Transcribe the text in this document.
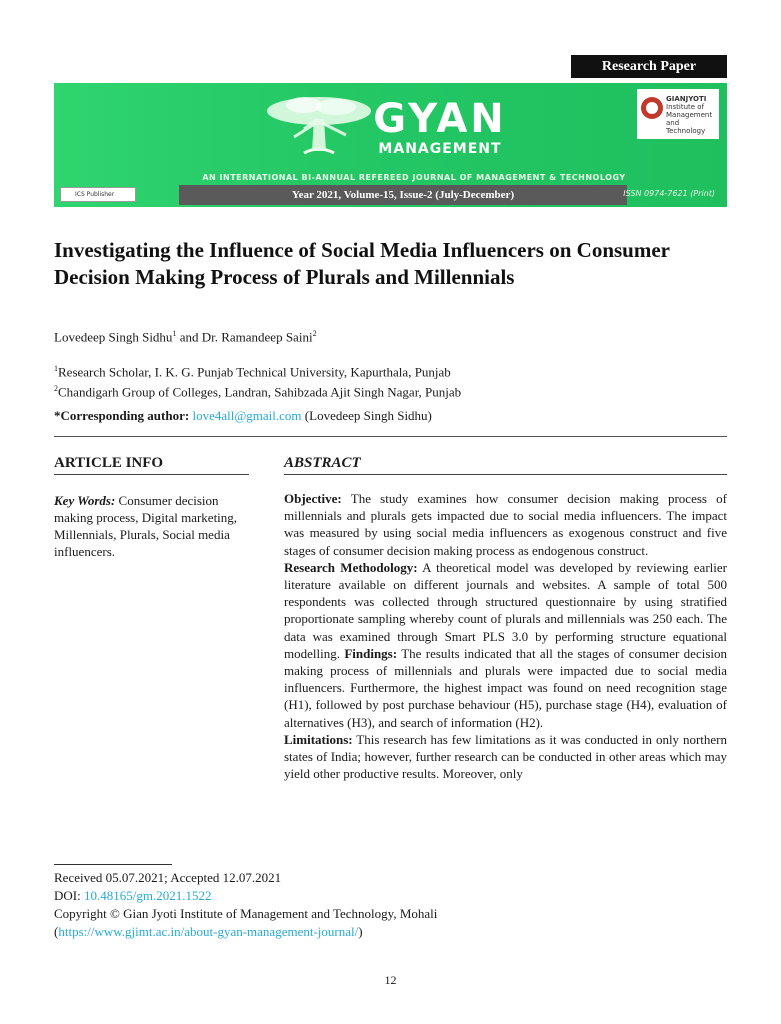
Research Paper
GYAN
MANAGEMENT
GIANJYOTI
Institute of Management
and Technology
AN INTERNATIONAL BI-ANNUAL REFEREED JOURNAL OF MANAGEMENT & TECHNOLOGY
ICS Publisher	Year 2021, Volume-15, Issue-2 (July-December)	ISSN 0974-7621 (Print)
Investigating the Influence of Social Media Influencers on Consumer Decision Making Process of Plurals and Millennials
Lovedeep Singh Sidhu$^1$ and Dr. Ramandeep Saini$^2$
$^1$Research Scholar, I. K. G. Punjab Technical University, Kapurthala, Punjab
$^2$Chandigarh Group of Colleges, Landran, Sahibzada Ajit Singh Nagar, Punjab
*Corresponding author: love4all@gmail.com (Lovedeep Singh Sidhu)
ARTICLE INFO
Key Words: Consumer decision making process, Digital marketing, Millennials, Plurals, Social media influencers.
ABSTRACT

Objective: The study examines how consumer decision making process of millennials and plurals gets impacted due to social media influencers. The impact was measured by using social media influencers as exogenous construct and five stages of consumer decision making process as endogenous construct.

Research Methodology: A theoretical model was developed by reviewing earlier literature available on different journals and websites. A sample of total 500 respondents was collected through structured questionnaire by using stratified proportionate sampling whereby count of plurals and millennials was 250 each. The data was examined through Smart PLS 3.0 by performing structure equational modelling. Findings: The results indicated that all the stages of consumer decision making process of millennials and plurals were impacted due to social media influencers. Furthermore, the highest impact was found on need recognition stage (H1), followed by post purchase behaviour (H5), purchase stage (H4), evaluation of alternatives (H3), and search of information (H2).

Limitations: This research has few limitations as it was conducted in only northern states of India; however, further research can be conducted in other areas which may yield other productive results. Moreover, only

Received 05.07.2021; Accepted 12.07.2021
DOI: 10.48165/gm.2021.1522
Copyright © Gian Jyoti Institute of Management and Technology, Mohali
(https://www.gjimt.ac.in/about-gyan-management-journal/)
12
